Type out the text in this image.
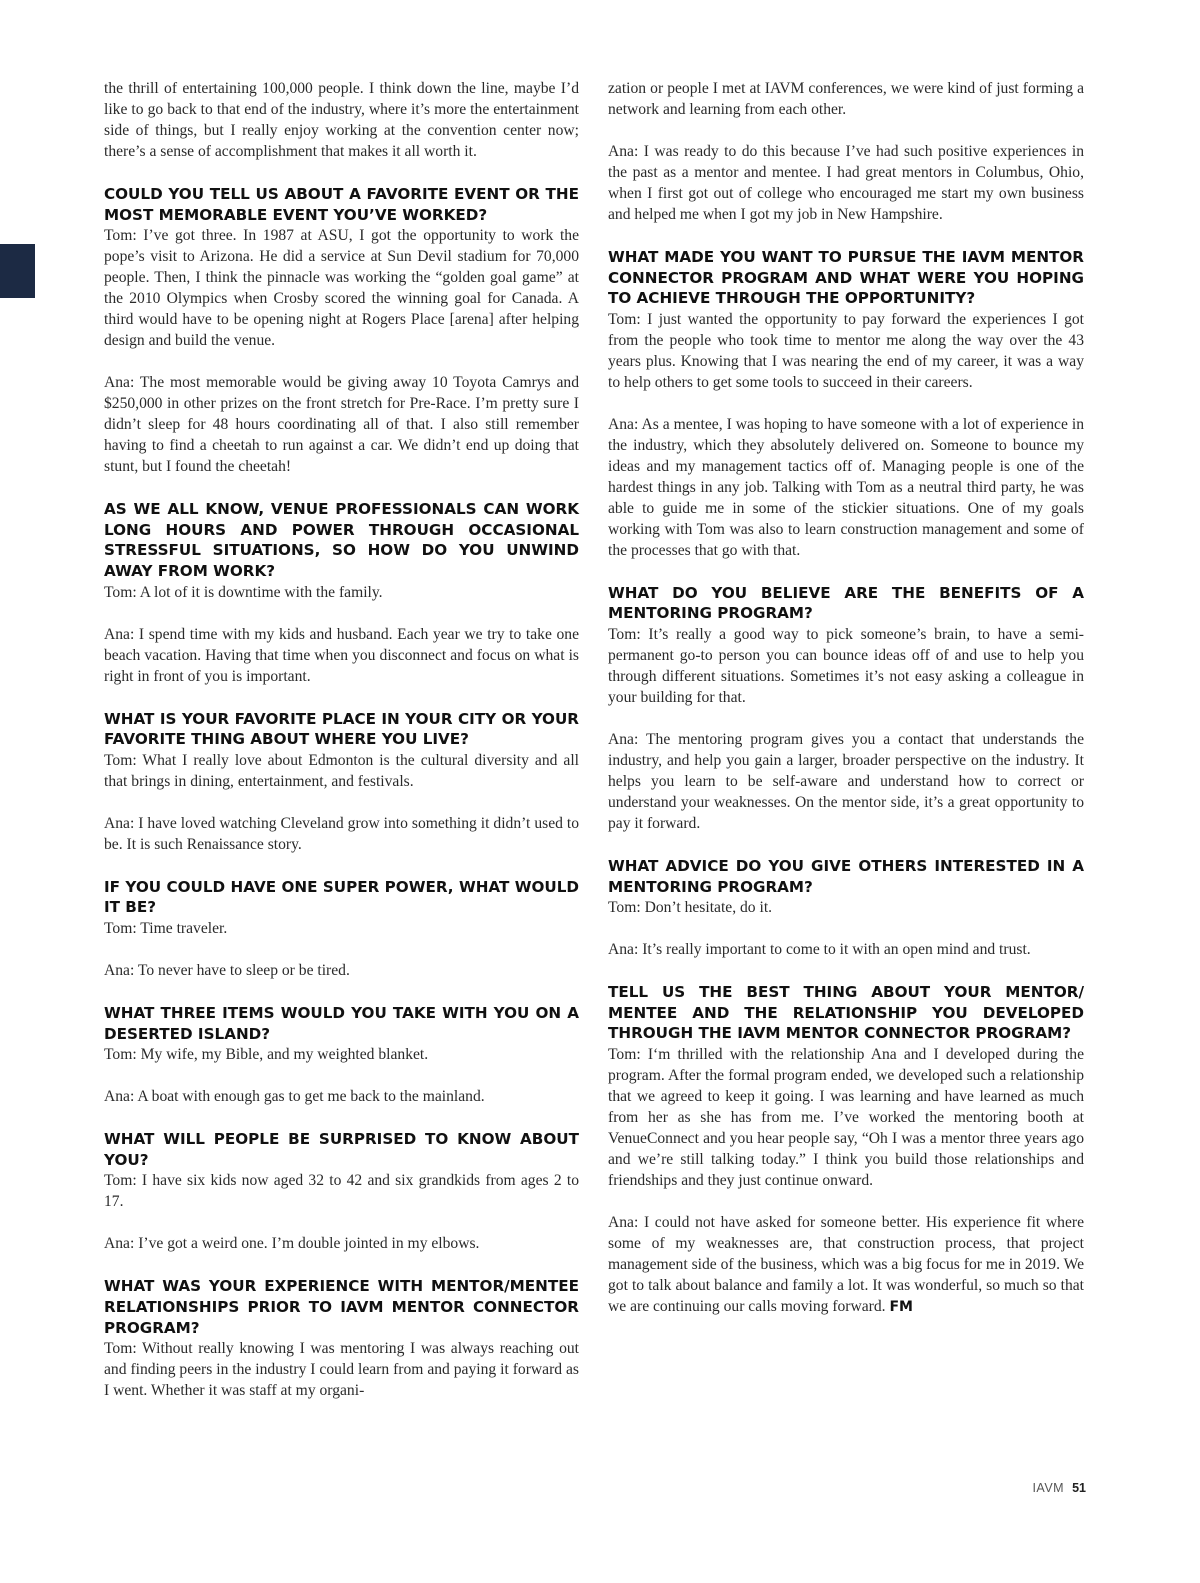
the thrill of entertaining 100,000 people. I think down the line, maybe I’d like to go back to that end of the industry, where it’s more the entertainment side of things, but I really enjoy working at the convention center now; there’s a sense of accomplishment that makes it all worth it.

COULD YOU TELL US ABOUT A FAVORITE EVENT OR THE MOST MEMORABLE EVENT YOU’VE WORKED?

Tom: I’ve got three. In 1987 at ASU, I got the opportunity to work the pope’s visit to Arizona. He did a service at Sun Devil stadium for 70,000 people. Then, I think the pinnacle was working the “golden goal game” at the 2010 Olympics when Crosby scored the winning goal for Canada. A third would have to be opening night at Rogers Place [arena] after helping design and build the venue.

Ana: The most memorable would be giving away 10 Toyota Camrys and $250,000 in other prizes on the front stretch for Pre-Race. I’m pretty sure I didn’t sleep for 48 hours coordinating all of that. I also still remember having to find a cheetah to run against a car. We didn’t end up doing that stunt, but I found the cheetah!

AS WE ALL KNOW, VENUE PROFESSIONALS CAN WORK LONG HOURS AND POWER THROUGH OCCASIONAL STRESSFUL SITUATIONS, SO HOW DO YOU UNWIND AWAY FROM WORK?

Tom: A lot of it is downtime with the family.

Ana: I spend time with my kids and husband. Each year we try to take one beach vacation. Having that time when you disconnect and focus on what is right in front of you is important.

WHAT IS YOUR FAVORITE PLACE IN YOUR CITY OR YOUR FAVORITE THING ABOUT WHERE YOU LIVE?

Tom: What I really love about Edmonton is the cultural diversity and all that brings in dining, entertainment, and festivals.

Ana: I have loved watching Cleveland grow into something it didn’t used to be. It is such Renaissance story.

IF YOU COULD HAVE ONE SUPER POWER, WHAT WOULD IT BE?

Tom: Time traveler.

Ana: To never have to sleep or be tired.

WHAT THREE ITEMS WOULD YOU TAKE WITH YOU ON A DESERTED ISLAND?

Tom: My wife, my Bible, and my weighted blanket.

Ana: A boat with enough gas to get me back to the mainland.

WHAT WILL PEOPLE BE SURPRISED TO KNOW ABOUT YOU?

Tom: I have six kids now aged 32 to 42 and six grandkids from ages 2 to 17.

Ana: I’ve got a weird one. I’m double jointed in my elbows.

WHAT WAS YOUR EXPERIENCE WITH MENTOR/MENTEE RELATIONSHIPS PRIOR TO IAVM MENTOR CONNECTOR PROGRAM?

Tom: Without really knowing I was mentoring I was always reaching out and finding peers in the industry I could learn from and paying it forward as I went. Whether it was staff at my organi-

zation or people I met at IAVM conferences, we were kind of just forming a network and learning from each other.

Ana: I was ready to do this because I’ve had such positive experiences in the past as a mentor and mentee. I had great mentors in Columbus, Ohio, when I first got out of college who encouraged me start my own business and helped me when I got my job in New Hampshire.

WHAT MADE YOU WANT TO PURSUE THE IAVM MENTOR CONNECTOR PROGRAM AND WHAT WERE YOU HOPING TO ACHIEVE THROUGH THE OPPORTUNITY?

Tom: I just wanted the opportunity to pay forward the experiences I got from the people who took time to mentor me along the way over the 43 years plus. Knowing that I was nearing the end of my career, it was a way to help others to get some tools to succeed in their careers.

Ana: As a mentee, I was hoping to have someone with a lot of experience in the industry, which they absolutely delivered on. Someone to bounce my ideas and my management tactics off of. Managing people is one of the hardest things in any job. Talking with Tom as a neutral third party, he was able to guide me in some of the stickier situations. One of my goals working with Tom was also to learn construction management and some of the processes that go with that.

WHAT DO YOU BELIEVE ARE THE BENEFITS OF A MENTORING PROGRAM?

Tom: It’s really a good way to pick someone’s brain, to have a semi-permanent go-to person you can bounce ideas off of and use to help you through different situations. Sometimes it’s not easy asking a colleague in your building for that.

Ana: The mentoring program gives you a contact that understands the industry, and help you gain a larger, broader perspective on the industry. It helps you learn to be self-aware and understand how to correct or understand your weaknesses. On the mentor side, it’s a great opportunity to pay it forward.

WHAT ADVICE DO YOU GIVE OTHERS INTERESTED IN A MENTORING PROGRAM?

Tom: Don’t hesitate, do it.

Ana: It’s really important to come to it with an open mind and trust.

TELL US THE BEST THING ABOUT YOUR MENTOR/ MENTEE AND THE RELATIONSHIP YOU DEVELOPED THROUGH THE IAVM MENTOR CONNECTOR PROGRAM?

Tom: I‘m thrilled with the relationship Ana and I developed during the program. After the formal program ended, we developed such a relationship that we agreed to keep it going. I was learning and have learned as much from her as she has from me. I’ve worked the mentoring booth at VenueConnect and you hear people say, “Oh I was a mentor three years ago and we’re still talking today.” I think you build those relationships and friendships and they just continue onward.

Ana: I could not have asked for someone better. His experience fit where some of my weaknesses are, that construction process, that project management side of the business, which was a big focus for me in 2019. We got to talk about balance and family a lot. It was wonderful, so much so that we are continuing our calls moving forward. FM

IAVM 51
